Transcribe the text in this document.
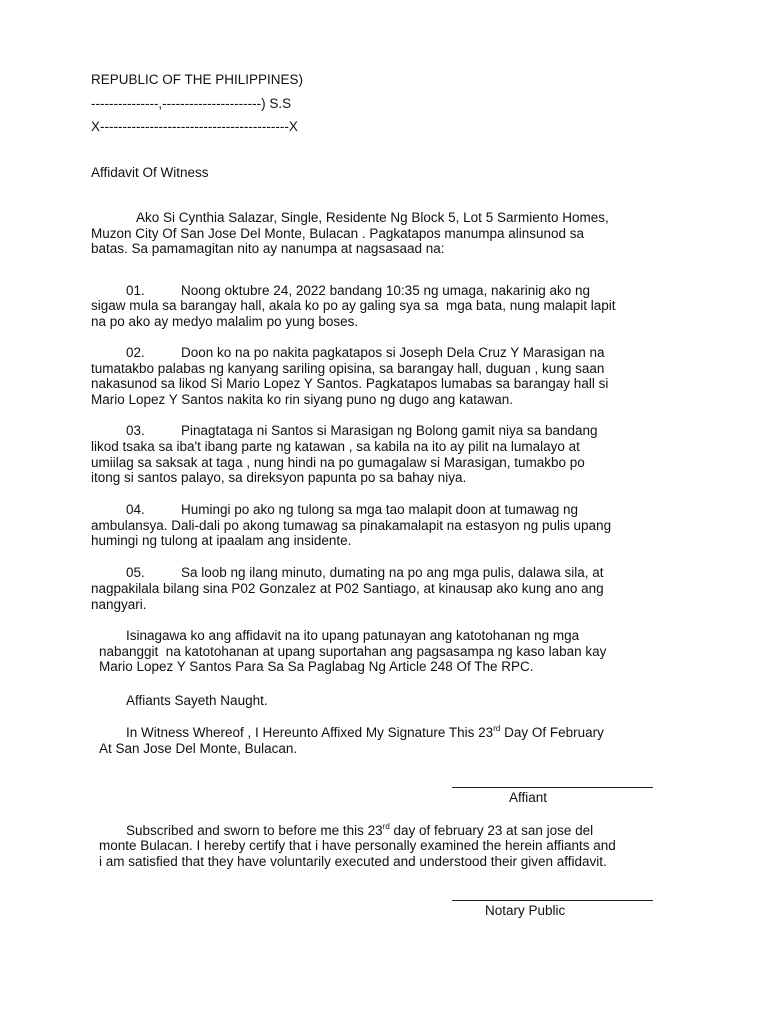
REPUBLIC OF THE PHILIPPINES)
---------------,----------------------) S.S
X------------------------------------------X
Affidavit Of Witness
Ako Si Cynthia Salazar, Single, Residente Ng Block 5, Lot 5 Sarmiento Homes,
Muzon City Of San Jose Del Monte, Bulacan . Pagkatapos manumpa alinsunod sa
batas. Sa pamamagitan nito ay nanumpa at nagsasaad na:
01.	Noong oktubre 24, 2022 bandang 10:35 ng umaga, nakarinig ako ng
sigaw mula sa barangay hall, akala ko po ay galing sya sa  mga bata, nung malapit lapit
na po ako ay medyo malalim po yung boses.
02.	Doon ko na po nakita pagkatapos si Joseph Dela Cruz Y Marasigan na
tumatakbo palabas ng kanyang sariling opisina, sa barangay hall, duguan , kung saan
nakasunod sa likod Si Mario Lopez Y Santos. Pagkatapos lumabas sa barangay hall si
Mario Lopez Y Santos nakita ko rin siyang puno ng dugo ang katawan.
03.	Pinagtataga ni Santos si Marasigan ng Bolong gamit niya sa bandang
likod tsaka sa iba't ibang parte ng katawan , sa kabila na ito ay pilit na lumalayo at
umiilag sa saksak at taga , nung hindi na po gumagalaw si Marasigan, tumakbo po
itong si santos palayo, sa direksyon papunta po sa bahay niya.
04.	Humingi po ako ng tulong sa mga tao malapit doon at tumawag ng
ambulansya. Dali-dali po akong tumawag sa pinakamalapit na estasyon ng pulis upang
humingi ng tulong at ipaalam ang insidente.
05.	Sa loob ng ilang minuto, dumating na po ang mga pulis, dalawa sila, at
nagpakilala bilang sina P02 Gonzalez at P02 Santiago, at kinausap ako kung ano ang
nangyari.
Isinagawa ko ang affidavit na ito upang patunayan ang katotohanan ng mga
nabanggit  na katotohanan at upang suportahan ang pagsasampa ng kaso laban kay
Mario Lopez Y Santos Para Sa Sa Paglabag Ng Article 248 Of The RPC.
Affiants Sayeth Naught.
In Witness Whereof , I Hereunto Affixed My Signature This 23rd Day Of February
At San Jose Del Monte, Bulacan.
Affiant
Subscribed and sworn to before me this 23rd day of february 23 at san jose del
monte Bulacan. I hereby certify that i have personally examined the herein affiants and
i am satisfied that they have voluntarily executed and understood their given affidavit.
Notary Public
